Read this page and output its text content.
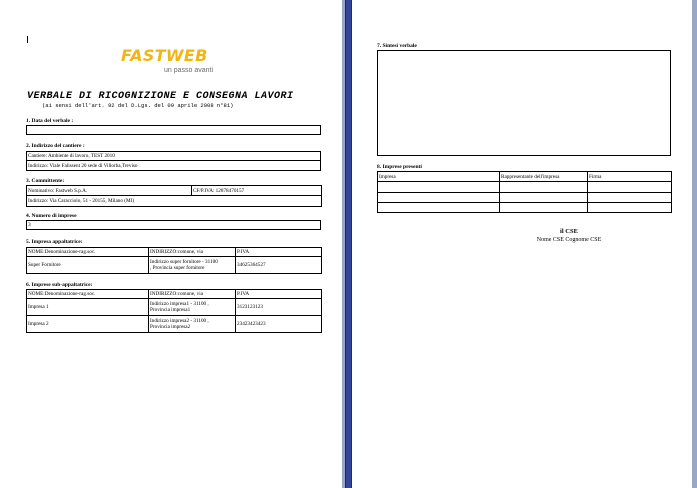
FASTWEB
un passo avanti
VERBALE DI RICOGNIZIONE E CONSEGNA LAVORI
(ai sensi dell'art. 92 del D.Lgs. del 09 aprile 2008 n°81)
1. Data del verbale :
2. Indirizzo del cantiere :
Cantiere: Ambiente di lavoro, TEST 2010

Indirizzo: Viale Falissent 20 sede di Villorba,Treviso
3. Committente:
Nominativo: Fastweb S.p.A.	CF/P.IVA: 12878470157

Indirizzo: Via Caracciolo, 51 - 20155, Milano (MI)
4. Numero di imprese
3
5. Impresa appaltatrice:
NOME:Denominazione-rag.soc.	INDIRIZZO:comune, via	P.IVA

Super Fornitore	Indirizzo super fornitore - 31100
, Provincia super fornitore	34625364527
6. Imprese sub-appaltatrice:
NOME:Denominazione-rag.soc.	INDIRIZZO:comune, via	P.IVA

Impresa 1	Indirizzo impresa1 - 31100 ,
Provincia impresa1	3123123123

Impresa 2	Indirizzo impresa2 - 31100 ,
Provincia impresa2	23423423423
7. Sintesi verbale
8. Imprese presenti
Impresa	Rappresentante dell'impresa	Firma

il CSE
Nome CSE Cognome CSE
